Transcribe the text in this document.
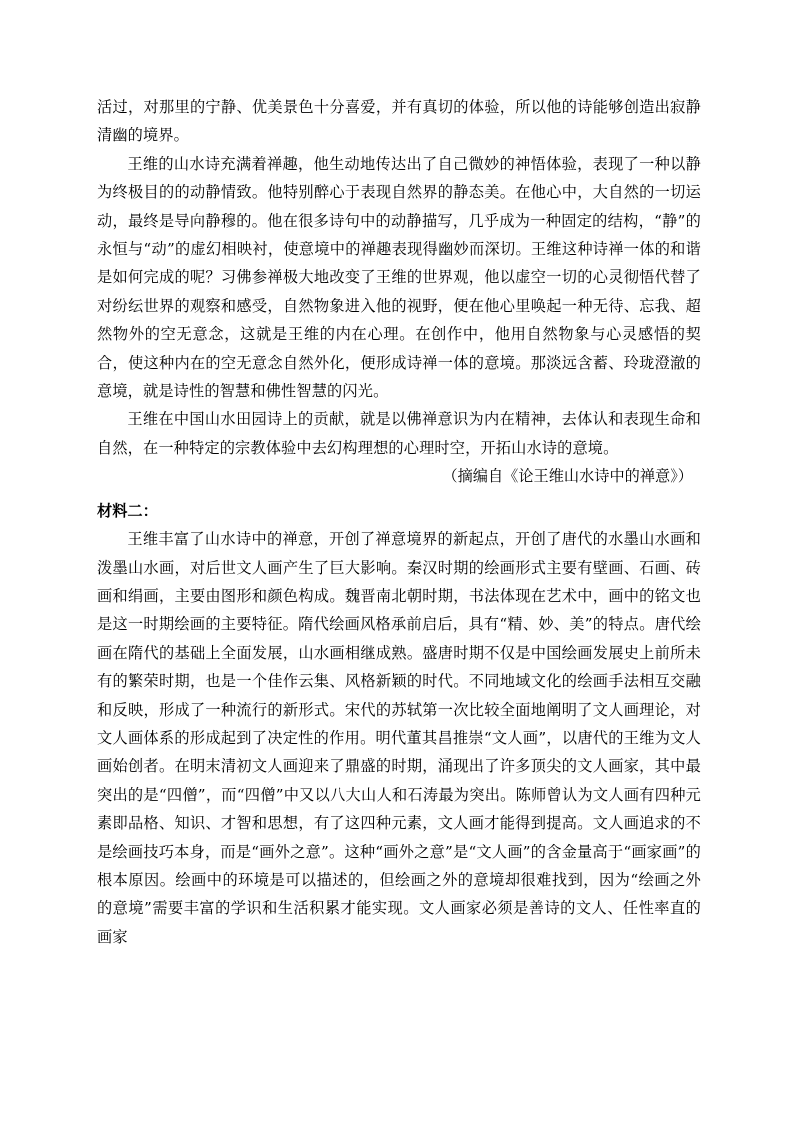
活过，对那里的宁静、优美景色十分喜爱，并有真切的体验，所以他的诗能够创造出寂静清幽的境界。

王维的山水诗充满着禅趣，他生动地传达出了自己微妙的神悟体验，表现了一种以静为终极目的的动静情致。他特别醉心于表现自然界的静态美。在他心中，大自然的一切运动，最终是导向静穆的。他在很多诗句中的动静描写，几乎成为一种固定的结构，“静”的永恒与“动”的虚幻相映衬，使意境中的禅趣表现得幽妙而深切。王维这种诗禅一体的和谐是如何完成的呢？习佛参禅极大地改变了王维的世界观，他以虚空一切的心灵彻悟代替了对纷纭世界的观察和感受，自然物象进入他的视野，便在他心里唤起一种无待、忘我、超然物外的空无意念，这就是王维的内在心理。在创作中，他用自然物象与心灵感悟的契合，使这种内在的空无意念自然外化，便形成诗禅一体的意境。那淡远含蓄、玲珑澄澈的意境，就是诗性的智慧和佛性智慧的闪光。

王维在中国山水田园诗上的贡献，就是以佛禅意识为内在精神，去体认和表现生命和自然，在一种特定的宗教体验中去幻构理想的心理时空，开拓山水诗的意境。

（摘编自《论王维山水诗中的禅意》）

材料二：

王维丰富了山水诗中的禅意，开创了禅意境界的新起点，开创了唐代的水墨山水画和泼墨山水画，对后世文人画产生了巨大影响。秦汉时期的绘画形式主要有壁画、石画、砖画和绢画，主要由图形和颜色构成。魏晋南北朝时期，书法体现在艺术中，画中的铭文也是这一时期绘画的主要特征。隋代绘画风格承前启后，具有“精、妙、美”的特点。唐代绘画在隋代的基础上全面发展，山水画相继成熟。盛唐时期不仅是中国绘画发展史上前所未有的繁荣时期，也是一个佳作云集、风格新颖的时代。不同地域文化的绘画手法相互交融和反映，形成了一种流行的新形式。宋代的苏轼第一次比较全面地阐明了文人画理论，对文人画体系的形成起到了决定性的作用。明代董其昌推崇“文人画”，以唐代的王维为文人画始创者。在明末清初文人画迎来了鼎盛的时期，涌现出了许多顶尖的文人画家，其中最突出的是“四僧”，而“四僧”中又以八大山人和石涛最为突出。陈师曾认为文人画有四种元素即品格、知识、才智和思想，有了这四种元素，文人画才能得到提高。文人画追求的不是绘画技巧本身，而是“画外之意”。这种“画外之意”是“文人画”的含金量高于“画家画”的根本原因。绘画中的环境是可以描述的，但绘画之外的意境却很难找到，因为“绘画之外的意境”需要丰富的学识和生活积累才能实现。文人画家必须是善诗的文人、任性率直的画家
